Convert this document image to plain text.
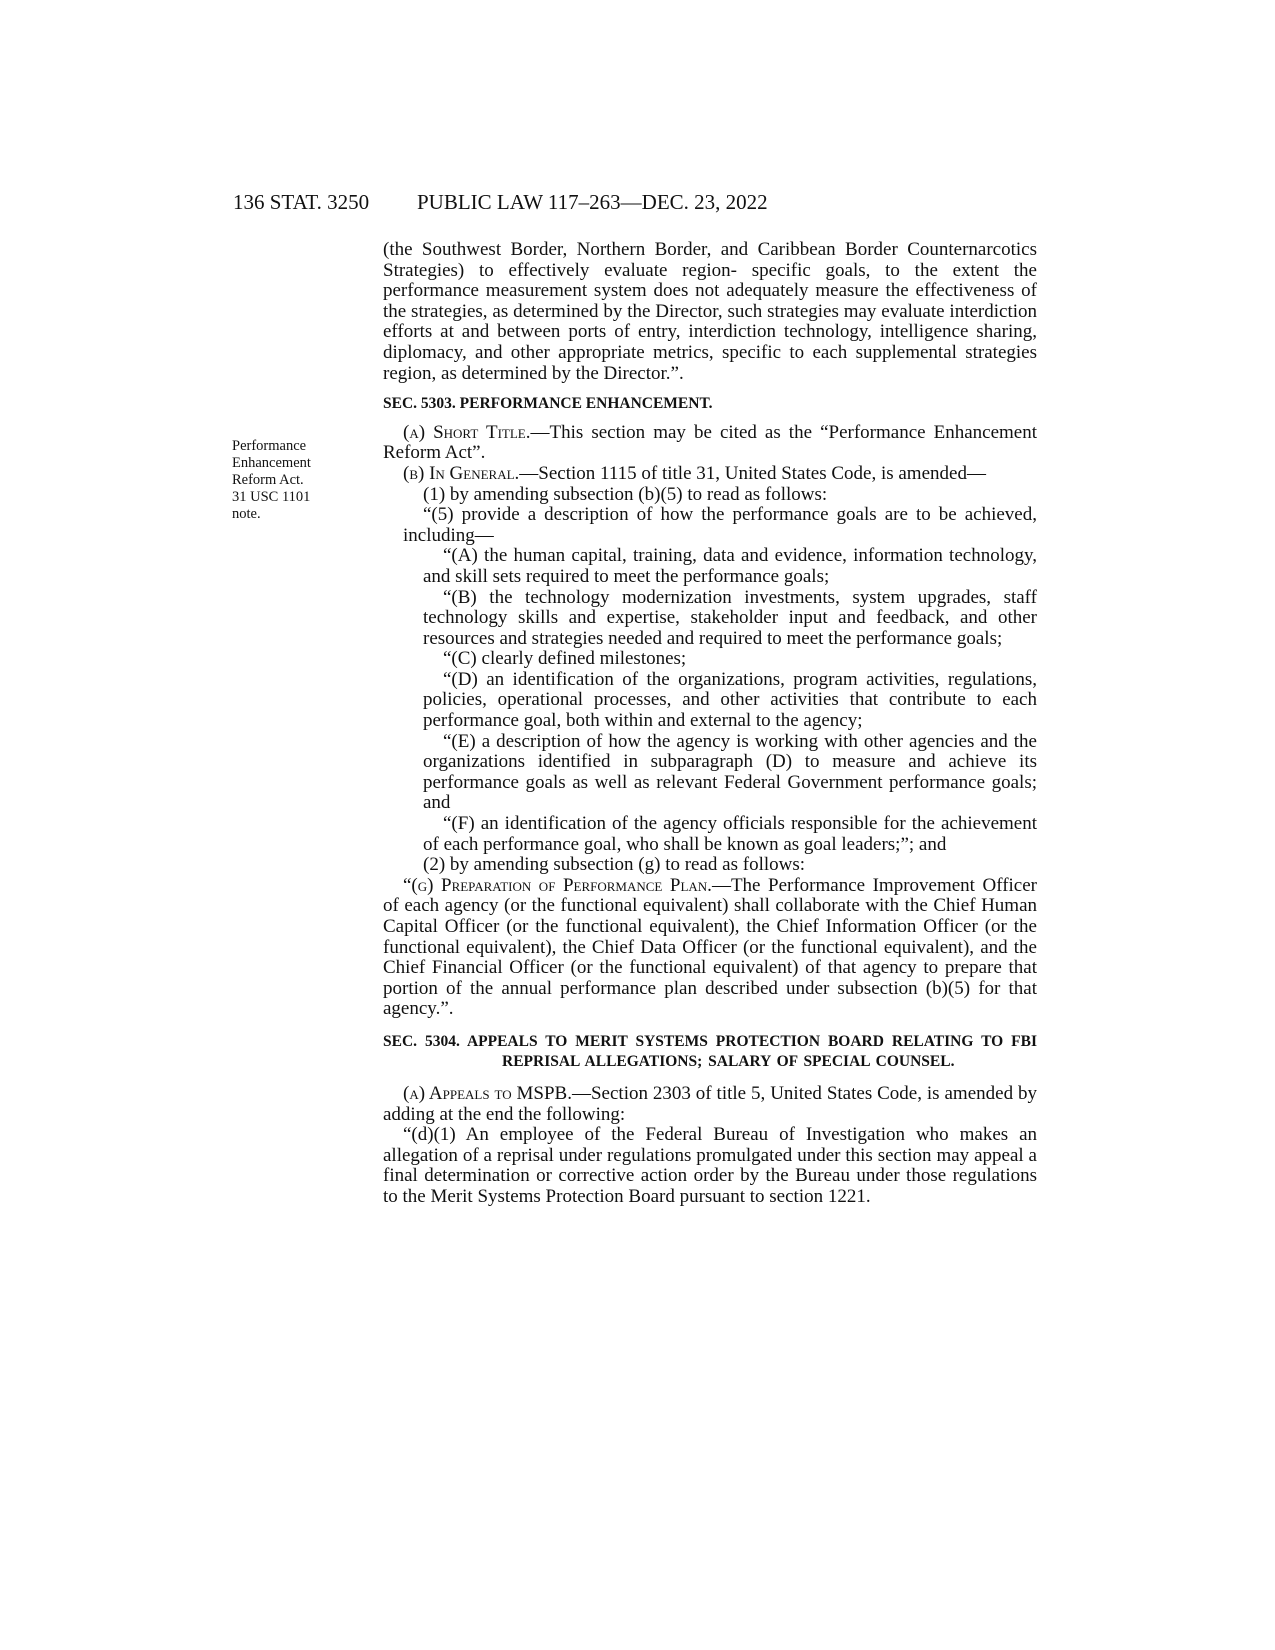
136 STAT. 3250 PUBLIC LAW 117–263—DEC. 23, 2022
Performance
Enhancement
Reform Act.
31 USC 1101
note.

(the Southwest Border, Northern Border, and Caribbean Border Counternarcotics Strategies) to effectively evaluate region- specific goals, to the extent the performance measurement system does not adequately measure the effectiveness of the strategies, as determined by the Director, such strategies may evaluate interdiction efforts at and between ports of entry, interdiction technology, intelligence sharing, diplomacy, and other appropriate metrics, specific to each supplemental strategies region, as determined by the Director.”.

SEC. 5303. PERFORMANCE ENHANCEMENT.

(a) Short Title.—This section may be cited as the “Performance Enhancement Reform Act”.

(b) In General.—Section 1115 of title 31, United States Code, is amended—

(1) by amending subsection (b)(5) to read as follows:

“(5) provide a description of how the performance goals are to be achieved, including—

“(A) the human capital, training, data and evidence, information technology, and skill sets required to meet the performance goals;

“(B) the technology modernization investments, system upgrades, staff technology skills and expertise, stakeholder input and feedback, and other resources and strategies needed and required to meet the performance goals;

“(C) clearly defined milestones;

“(D) an identification of the organizations, program activities, regulations, policies, operational processes, and other activities that contribute to each performance goal, both within and external to the agency;

“(E) a description of how the agency is working with other agencies and the organizations identified in subparagraph (D) to measure and achieve its performance goals as well as relevant Federal Government performance goals; and

“(F) an identification of the agency officials responsible for the achievement of each performance goal, who shall be known as goal leaders;”; and

(2) by amending subsection (g) to read as follows:

“(g) Preparation of Performance Plan.—The Performance Improvement Officer of each agency (or the functional equivalent) shall collaborate with the Chief Human Capital Officer (or the functional equivalent), the Chief Information Officer (or the functional equivalent), the Chief Data Officer (or the functional equivalent), and the Chief Financial Officer (or the functional equivalent) of that agency to prepare that portion of the annual performance plan described under subsection (b)(5) for that agency.”.

SEC. 5304. APPEALS TO MERIT SYSTEMS PROTECTION BOARD RELATING TO FBI REPRISAL ALLEGATIONS; SALARY OF SPECIAL COUNSEL.

(a) Appeals to MSPB.—Section 2303 of title 5, United States Code, is amended by adding at the end the following:

“(d)(1) An employee of the Federal Bureau of Investigation who makes an allegation of a reprisal under regulations promulgated under this section may appeal a final determination or corrective action order by the Bureau under those regulations to the Merit Systems Protection Board pursuant to section 1221.
